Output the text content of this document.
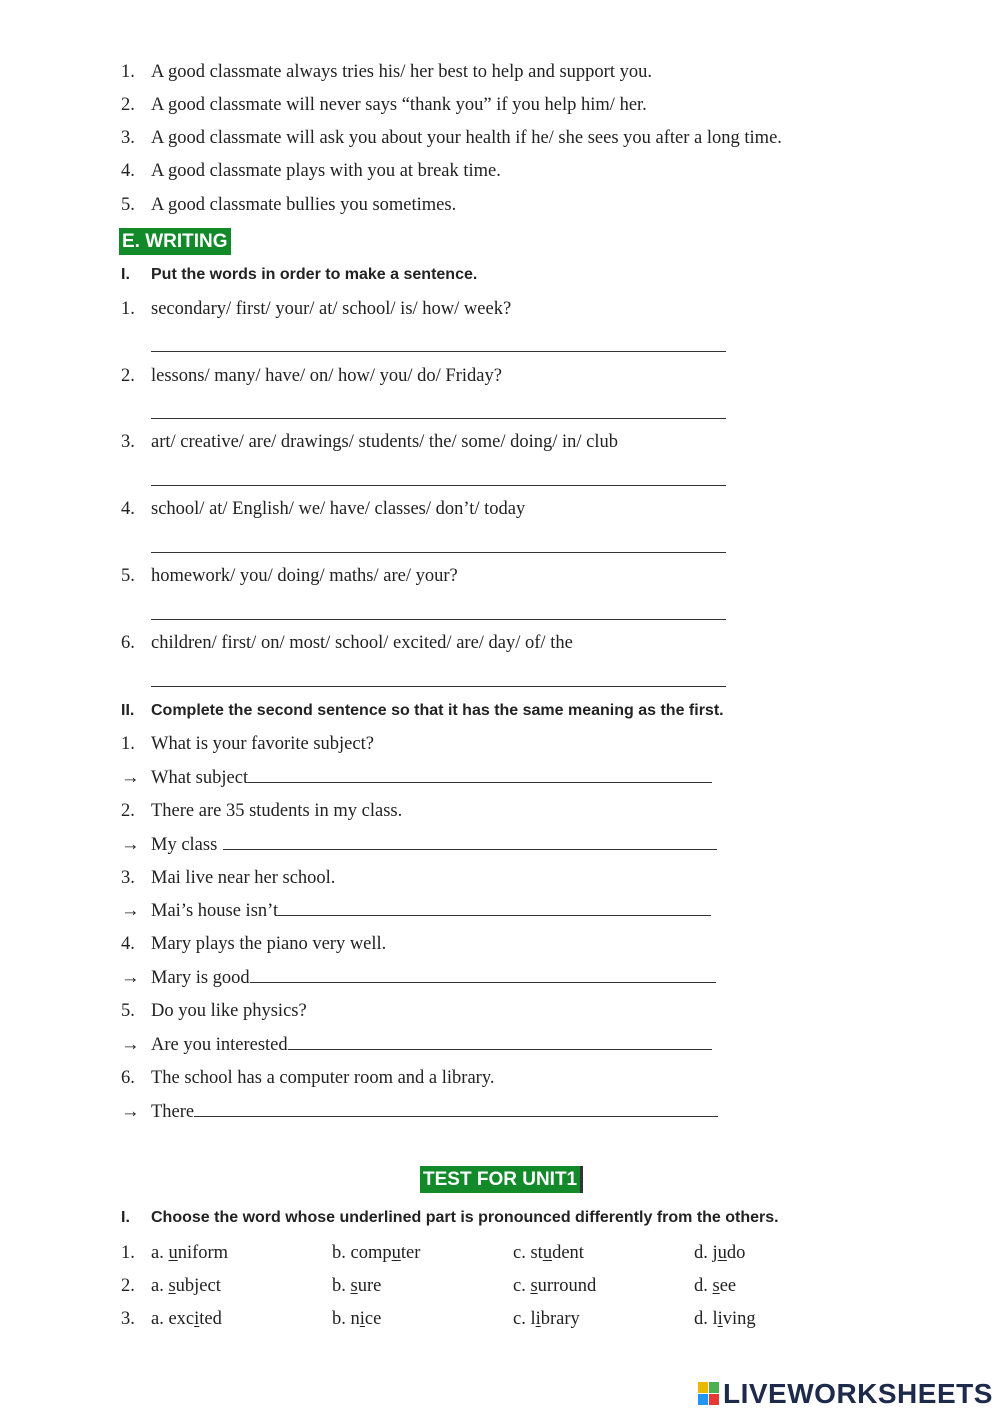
1. A good classmate always tries his/ her best to help and support you.
2. A good classmate will never says “thank you” if you help him/ her.
3. A good classmate will ask you about your health if he/ she sees you after a long time.
4. A good classmate plays with you at break time.
5. A good classmate bullies you sometimes.
E. WRITING
I. Put the words in order to make a sentence.
1. secondary/ first/ your/ at/ school/ is/ how/ week?
2. lessons/ many/ have/ on/ how/ you/ do/ Friday?
3. art/ creative/ are/ drawings/ students/ the/ some/ doing/ in/ club
4. school/ at/ English/ we/ have/ classes/ don’t/ today
5. homework/ you/ doing/ maths/ are/ your?
6. children/ first/ on/ most/ school/ excited/ are/ day/ of/ the
II. Complete the second sentence so that it has the same meaning as the first.
1. What is your favorite subject?
→ What subject
2. There are 35 students in my class.
→ My class
3. Mai live near her school.
→ Mai’s house isn’t
4. Mary plays the piano very well.
→ Mary is good
5. Do you like physics?
→ Are you interested
6. The school has a computer room and a library.
→ There
TEST FOR UNIT1
I. Choose the word whose underlined part is pronounced differently from the others.
1. a. uniform	b. computer	c. student	d. judo
2. a. subject	b. sure	c. surround	d. see
3. a. excited	b. nice	c. library	d. living
LIVEWORKSHEETS
